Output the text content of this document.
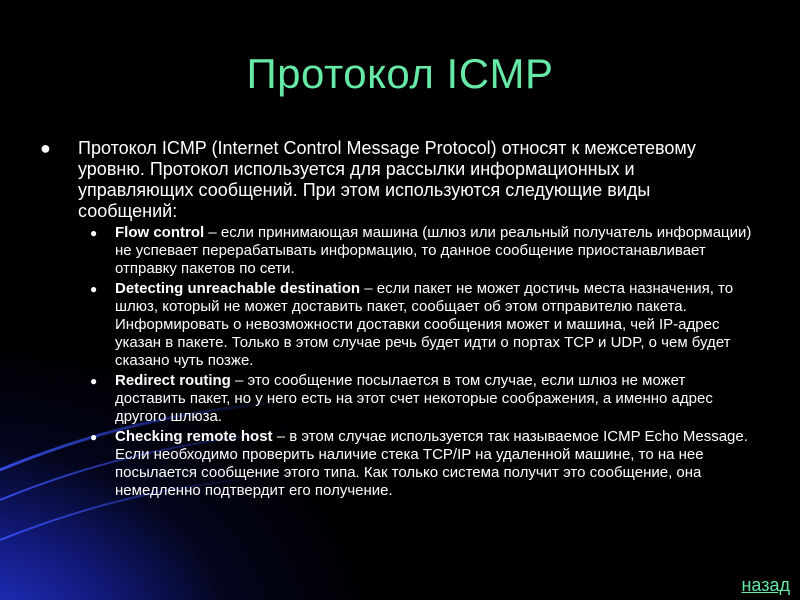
Протокол ICMP
●	Протокол ICMP (Internet Control Message Protocol) относят к межсетевому уровню. Протокол используется для рассылки информационных и управляющих сообщений. При этом используются следующие виды сообщений:
●	Flow control – если принимающая машина (шлюз или реальный получатель информации) не успевает перерабатывать информацию, то данное сообщение приостанавливает отправку пакетов по сети.
●	Detecting unreachable destination – если пакет не может достичь места назначения, то шлюз, который не может доставить пакет, сообщает об этом отправителю пакета. Информировать о невозможности доставки сообщения может и машина, чей IP-адрес указан в пакете. Только в этом случае речь будет идти о портах TCP и UDP, о чем будет сказано чуть позже.
●	Redirect routing – это сообщение посылается в том случае, если шлюз не может доставить пакет, но у него есть на этот счет некоторые соображения, а именно адрес другого шлюза.
●	Checking remote host – в этом случае используется так называемое ICMP Echo Message. Если необходимо проверить наличие стека TCP/IP на удаленной машине, то на нее посылается сообщение этого типа. Как только система получит это сообщение, она немедленно подтвердит его получение.
назад
